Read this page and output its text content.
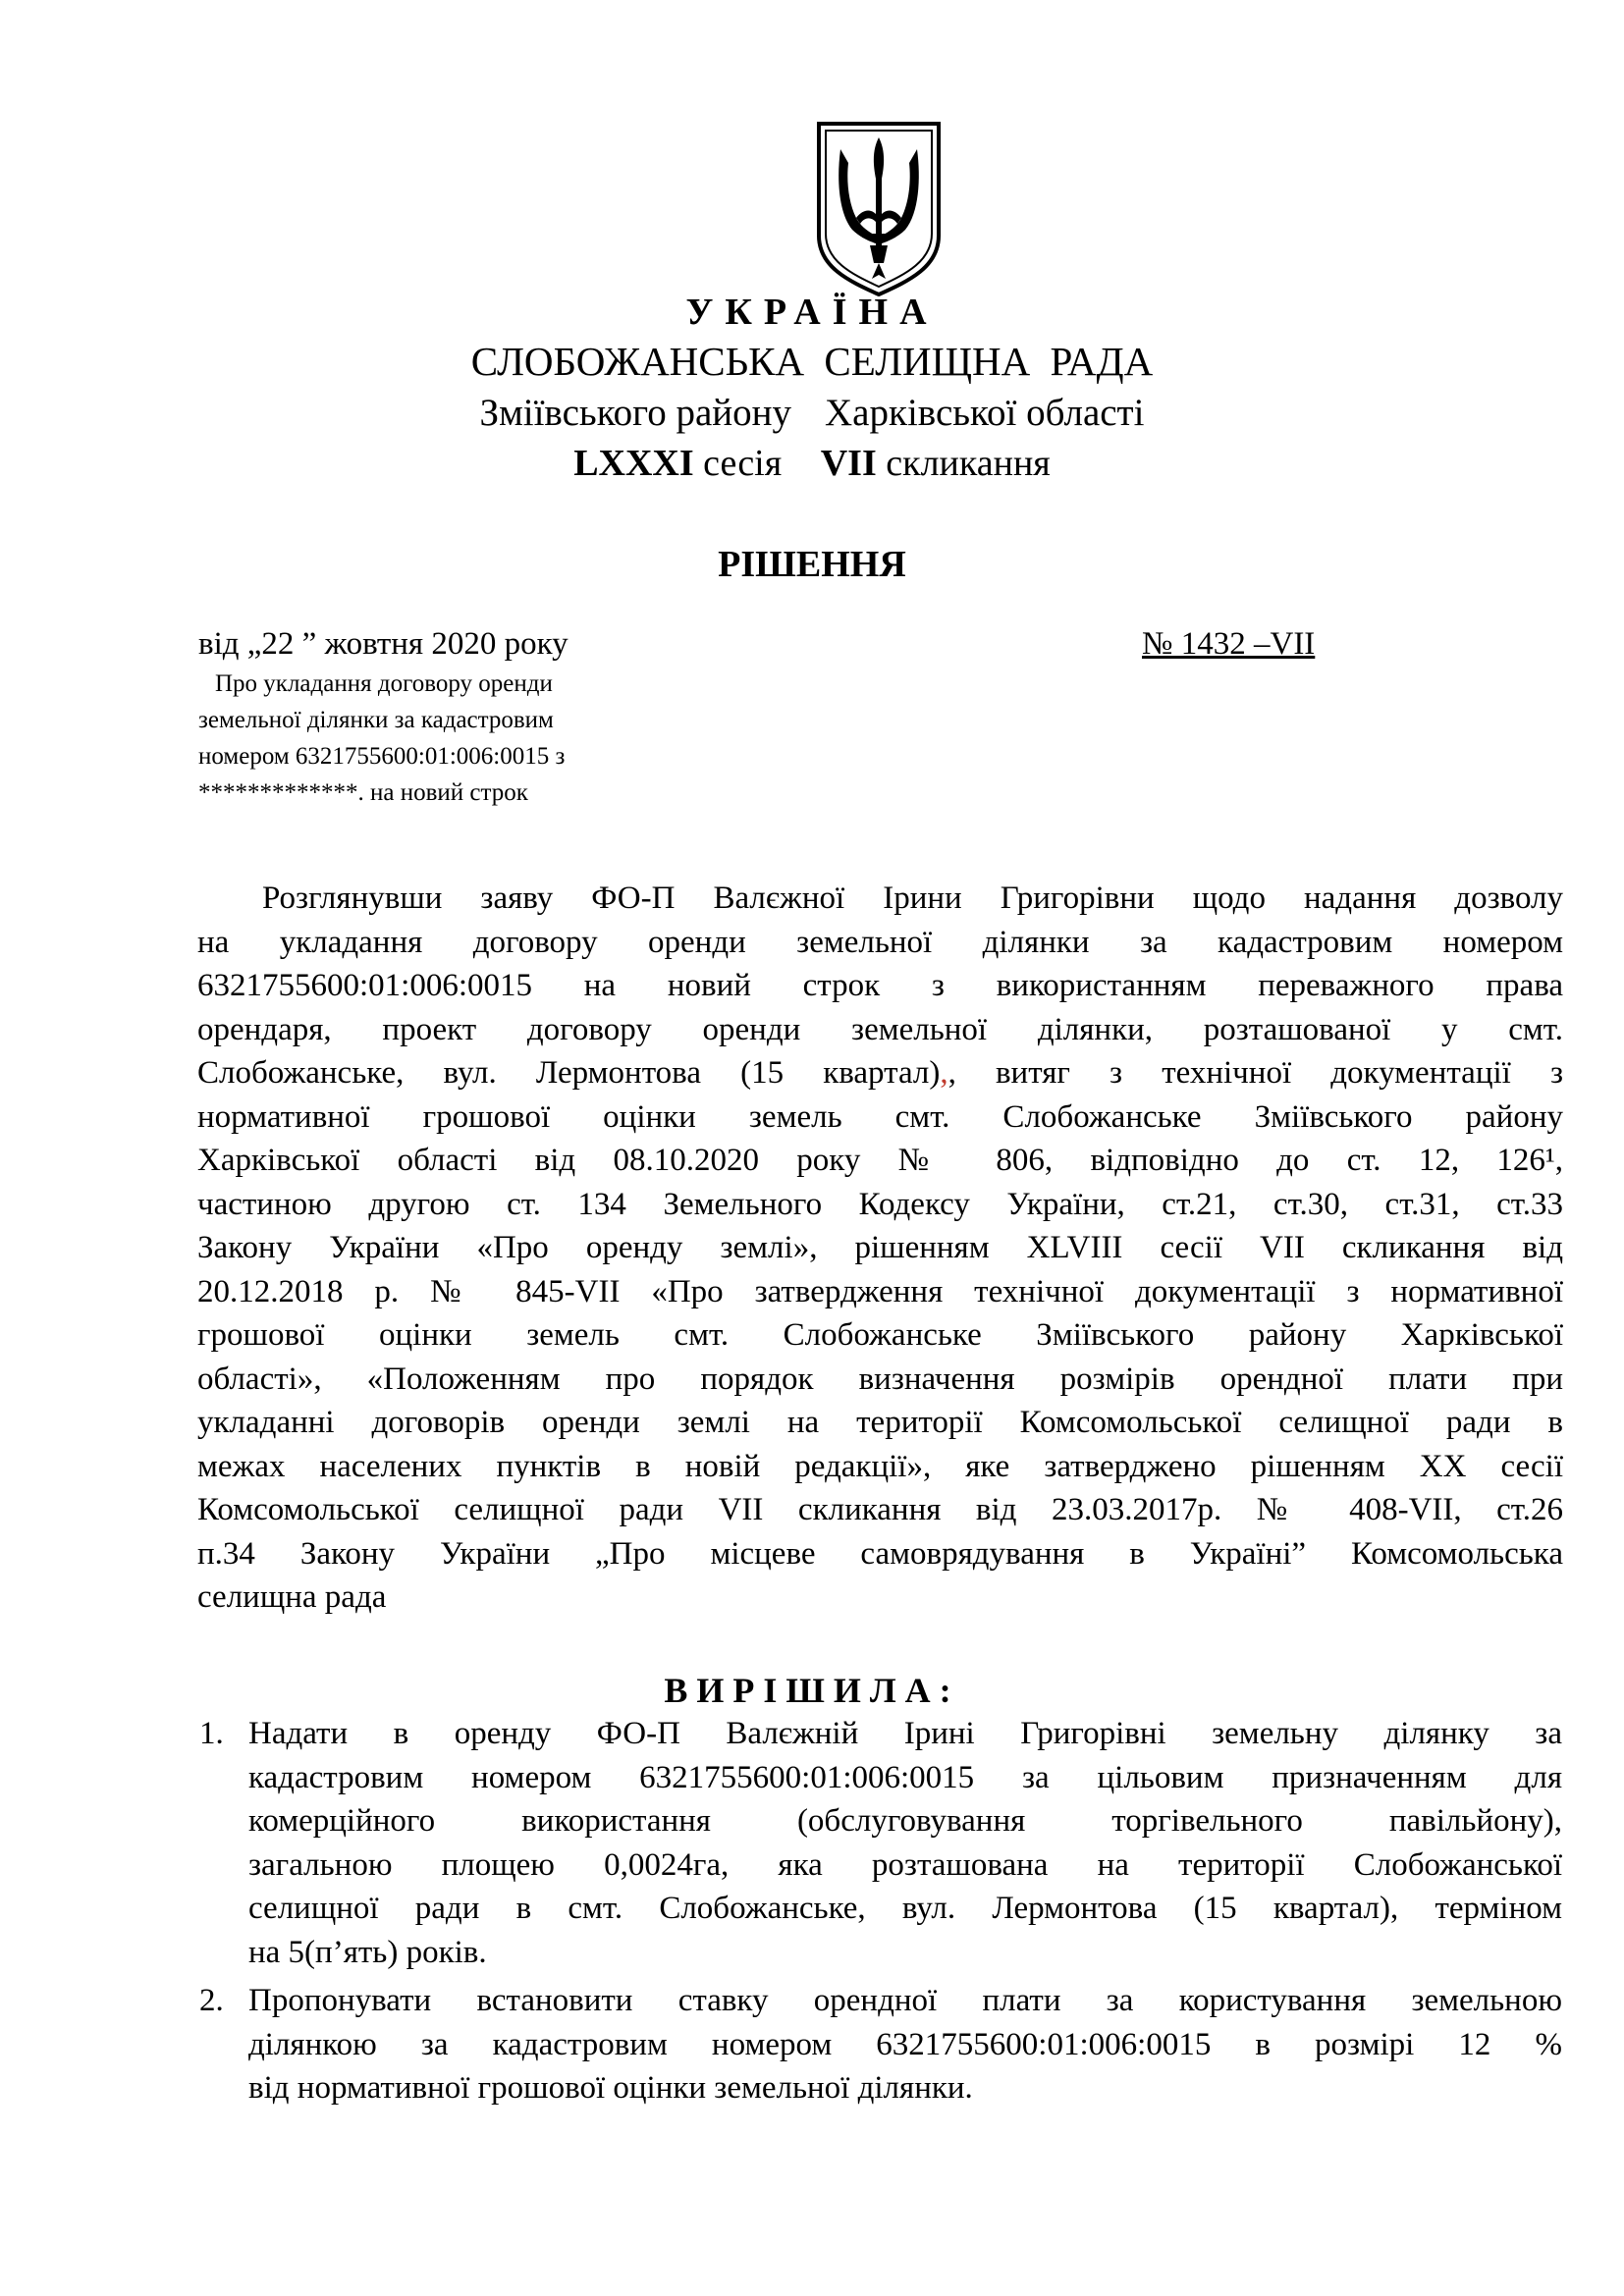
УКРАЇНА
СЛОБОЖАНСЬКА СЕЛИЩНА РАДА
Зміївського району Харківської області
LXXXI сесія VII скликання
РІШЕННЯ
від „22 ” жовтня 2020 року	№ 1432 –VII
Про укладання договору оренди
земельної ділянки за кадастровим
номером 6321755600:01:006:0015 з
*************. на новий строк
Розглянувши заяву ФО-П Валєжної Ірини Григорівни щодо надання дозволу
на укладання договору оренди земельної ділянки за кадастровим номером
6321755600:01:006:0015 на новий строк з використанням переважного права
орендаря, проект договору оренди земельної ділянки, розташованої у смт.
Слобожанське, вул. Лермонтова (15 квартал),, витяг з технічної документації з
нормативної грошової оцінки земель смт. Слобожанське Зміївського району
Харківської області від 08.10.2020 року № 806, відповідно до ст. 12, 126¹,
частиною другою ст. 134 Земельного Кодексу України, ст.21, ст.30, ст.31, ст.33
Закону України «Про оренду землі», рішенням XLVIII сесії VII скликання від
20.12.2018 р. № 845-VII «Про затвердження технічної документації з нормативної
грошової оцінки земель смт. Слобожанське Зміївського району Харківської
області», «Положенням про порядок визначення розмірів орендної плати при
укладанні договорів оренди землі на території Комсомольської селищної ради в
межах населених пунктів в новій редакції», яке затверджено рішенням XX сесії
Комсомольської селищної ради VII скликання від 23.03.2017р. № 408-VII, ст.26
п.34 Закону України „Про місцеве самоврядування в Україні” Комсомольська
селищна рада
ВИРІШИЛА:
1. Надати в оренду ФО-П Валєжній Ірині Григорівні земельну ділянку за
кадастровим номером 6321755600:01:006:0015 за цільовим призначенням для
комерційного використання (обслуговування торгівельного павільйону),
загальною площею 0,0024га, яка розташована на території Слобожанської
селищної ради в смт. Слобожанське, вул. Лермонтова (15 квартал), терміном
на 5(п’ять) років.
2. Пропонувати встановити ставку орендної плати за користування земельною
ділянкою за кадастровим номером 6321755600:01:006:0015 в розмірі 12 %
від нормативної грошової оцінки земельної ділянки.
